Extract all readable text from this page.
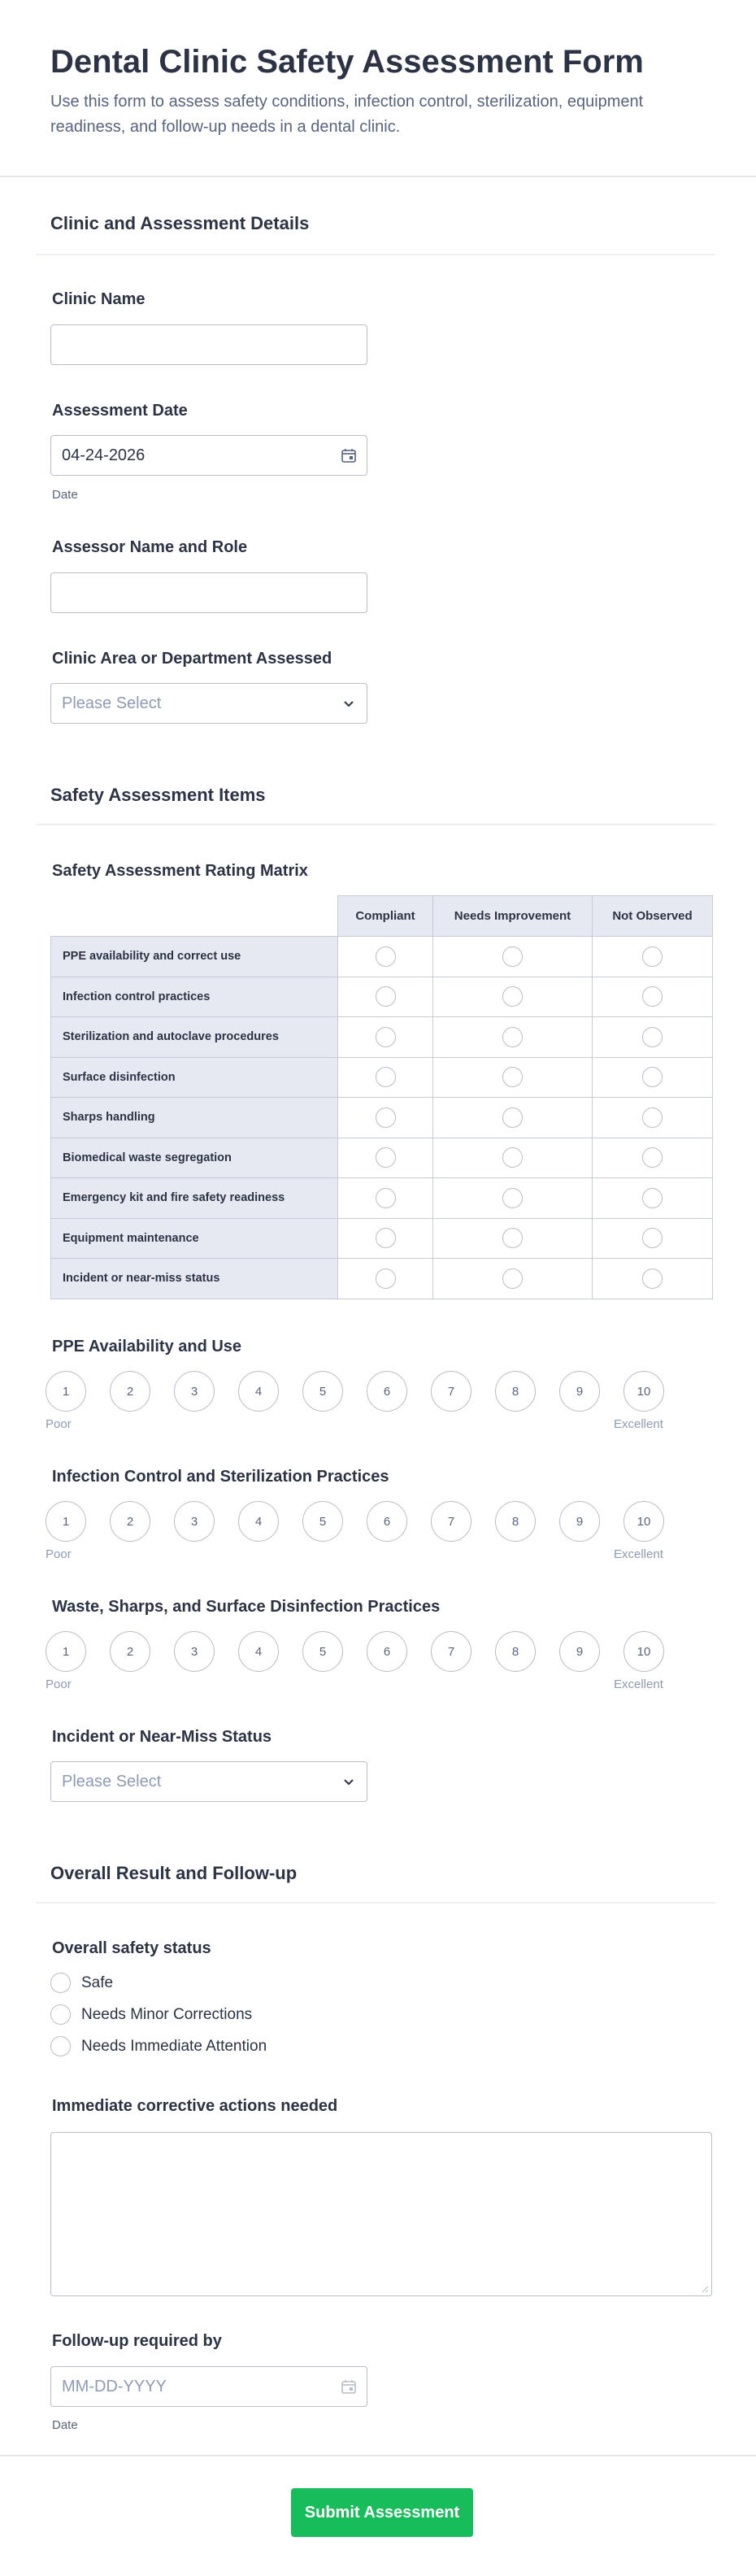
Dental Clinic Safety Assessment Form

Use this form to assess safety conditions, infection control, sterilization, equipment readiness, and follow-up needs in a dental clinic.

Clinic and Assessment Details
Clinic Name
Assessment Date
04-24-2026
Date
Assessor Name and Role
Clinic Area or Department Assessed
Please Select
Safety Assessment Items
Safety Assessment Rating Matrix
	Compliant	Needs Improvement	Not Observed
PPE availability and correct use			
Infection control practices			
Sterilization and autoclave procedures			
Surface disinfection			
Sharps handling			
Biomedical waste segregation			
Emergency kit and fire safety readiness			
Equipment maintenance			
Incident or near-miss status			
PPE Availability and Use
1	2	3	4	5	6	7	8	9	10
Poor	Excellent
Infection Control and Sterilization Practices
1	2	3	4	5	6	7	8	9	10
Poor	Excellent
Waste, Sharps, and Surface Disinfection Practices
1	2	3	4	5	6	7	8	9	10
Poor	Excellent
Incident or Near-Miss Status
Please Select
Overall Result and Follow-up
Overall safety status
Safe
Needs Minor Corrections
Needs Immediate Attention
Immediate corrective actions needed
Follow-up required by
MM-DD-YYYY
Date
Submit Assessment
